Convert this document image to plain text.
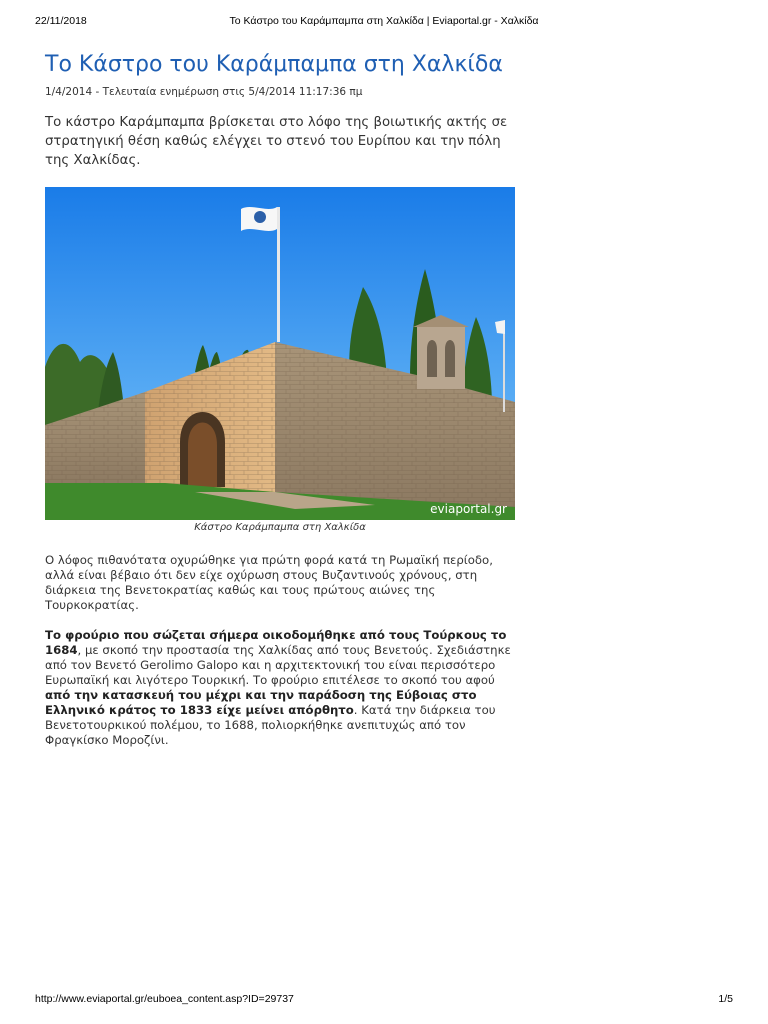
22/11/2018	Το Κάστρο του Καράμπαμπα στη Χαλκίδα | Eviaportal.gr - Χαλκίδα
Το Κάστρο του Καράμπαμπα στη Χαλκίδα
1/4/2014 - Τελευταία ενημέρωση στις 5/4/2014 11:17:36 πμ
Το κάστρο Καράμπαμπα βρίσκεται στο λόφο της βοιωτικής ακτής σε στρατηγική θέση καθώς ελέγχει το στενό του Ευρίπου και την πόλη της Χαλκίδας.
eviaportal.gr
Κάστρο Καράμπαμπα στη Χαλκίδα
Ο λόφος πιθανότατα οχυρώθηκε για πρώτη φορά κατά τη Ρωμαϊκή περίοδο, αλλά είναι βέβαιο ότι δεν είχε οχύρωση στους Βυζαντινούς χρόνους, στη διάρκεια της Βενετοκρατίας καθώς και τους πρώτους αιώνες της Τουρκοκρατίας.
Το φρούριο που σώζεται σήμερα οικοδομήθηκε από τους Τούρκους το 1684, με σκοπό την προστασία της Χαλκίδας από τους Βενετούς. Σχεδιάστηκε από τον Βενετό Gerolimo Galopo και η αρχιτεκτονική του είναι περισσότερο Ευρωπαϊκή και λιγότερο Τουρκική. Το φρούριο επιτέλεσε το σκοπό του αφού από την κατασκευή του μέχρι και την παράδοση της Εύβοιας στο Ελληνικό κράτος το 1833 είχε μείνει απόρθητο. Κατά την διάρκεια του Βενετοτουρκικού πολέμου, το 1688, πολιορκήθηκε ανεπιτυχώς από τον Φραγκίσκο Μοροζίνι.
http://www.eviaportal.gr/euboea_content.asp?ID=29737	1/5
